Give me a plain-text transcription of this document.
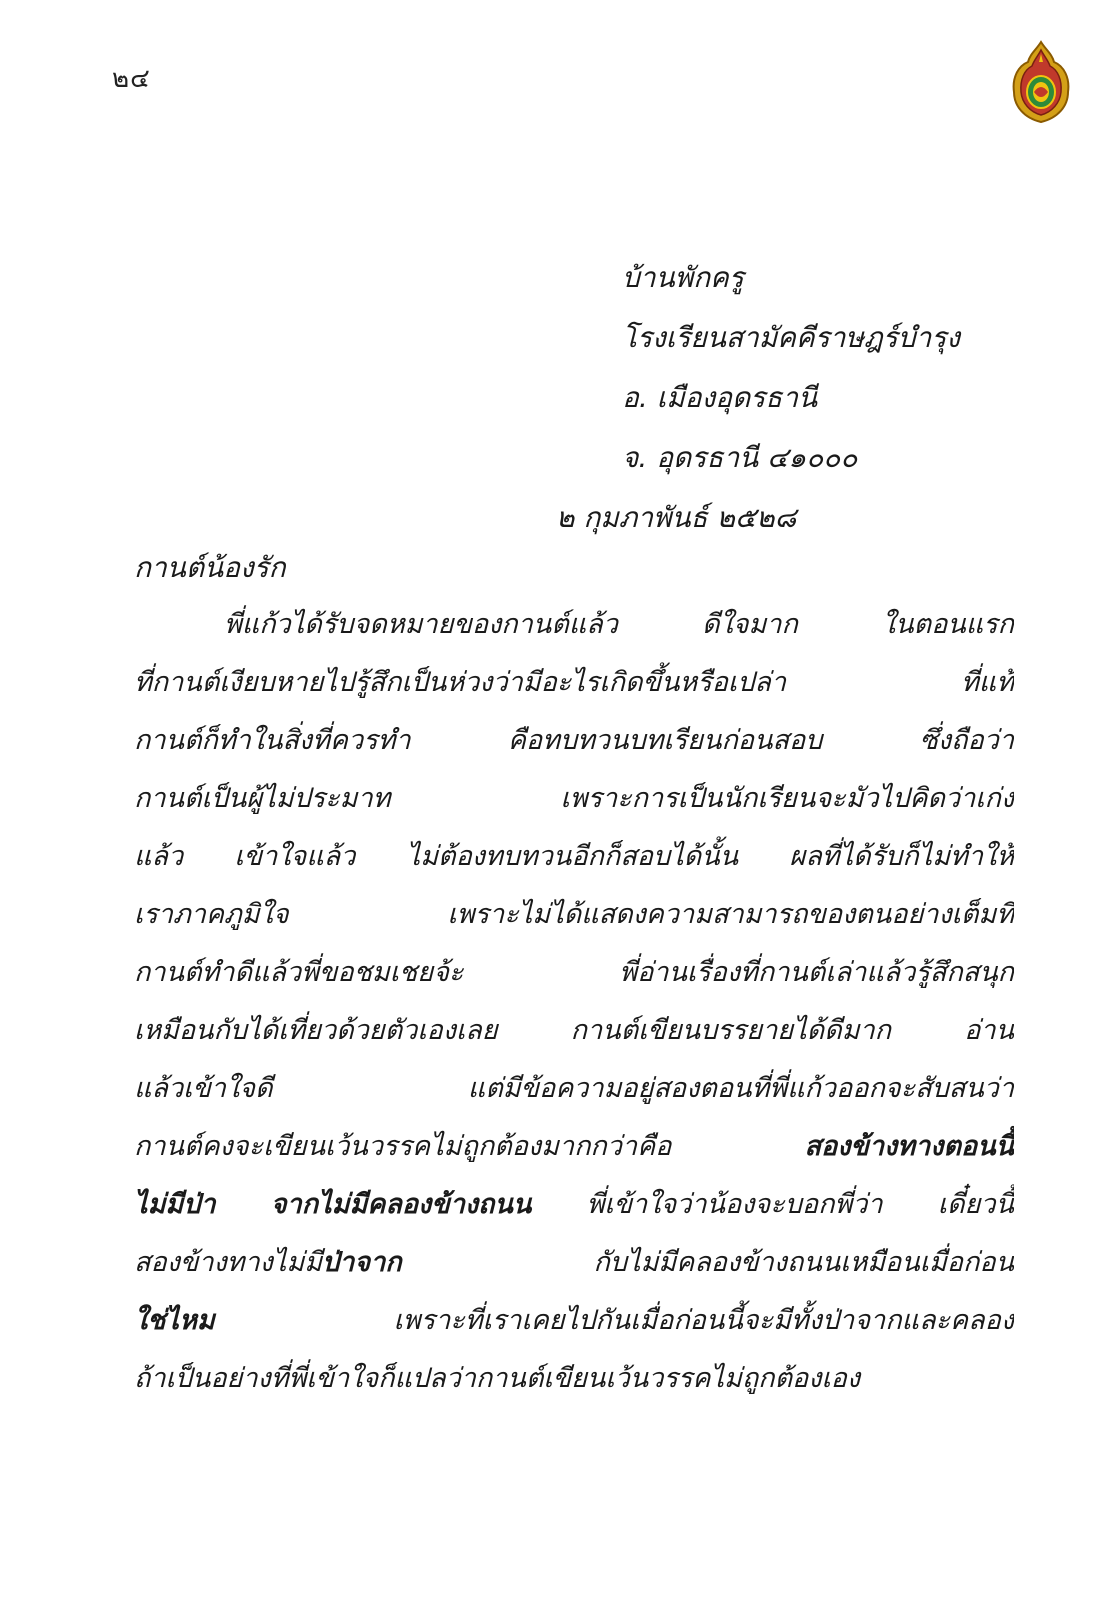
๒๔
บ้านพักครู
โรงเรียนสามัคคีราษฎร์บำรุง
อ. เมืองอุดรธานี
จ. อุดรธานี ๔๑๐๐๐
๒ กุมภาพันธ์ ๒๕๒๘
กานต์น้องรัก
พี่แก้วได้รับจดหมายของกานต์แล้ว	ดีใจมาก	ในตอนแรก
ที่กานต์เงียบหายไปรู้สึกเป็นห่วงว่ามีอะไรเกิดขึ้นหรือเปล่า	ที่แท้
กานต์ก็ทำในสิ่งที่ควรทำ	คือทบทวนบทเรียนก่อนสอบ	ซึ่งถือว่า
กานต์เป็นผู้ไม่ประมาท	เพราะการเป็นนักเรียนจะมัวไปคิดว่าเก่ง
แล้ว เข้าใจแล้ว ไม่ต้องทบทวนอีกก็สอบได้นั้น ผลที่ได้รับก็ไม่ทำให้
เราภาคภูมิใจ	เพราะไม่ได้แสดงความสามารถของตนอย่างเต็มที่
กานต์ทำดีแล้วพี่ขอชมเชยจ้ะ	พี่อ่านเรื่องที่กานต์เล่าแล้วรู้สึกสนุก
เหมือนกับได้เที่ยวด้วยตัวเองเลย	กานต์เขียนบรรยายได้ดีมาก	อ่าน
แล้วเข้าใจดี	แต่มีข้อความอยู่สองตอนที่พี่แก้วออกจะสับสนว่า
กานต์คงจะเขียนเว้นวรรคไม่ถูกต้องมากกว่าคือ	สองข้างทางตอนนี้
ไม่มีป่า จากไม่มีคลองข้างถนน พี่เข้าใจว่าน้องจะบอกพี่ว่า เดี๋ยวนี้
สองข้างทางไม่มีป่าจาก	กับไม่มีคลองข้างถนนเหมือนเมื่อก่อน
ใช่ไหม	เพราะที่เราเคยไปกันเมื่อก่อนนี้จะมีทั้งป่าจากและคลอง
ถ้าเป็นอย่างที่พี่เข้าใจก็แปลว่ากานต์เขียนเว้นวรรคไม่ถูกต้องเอง
